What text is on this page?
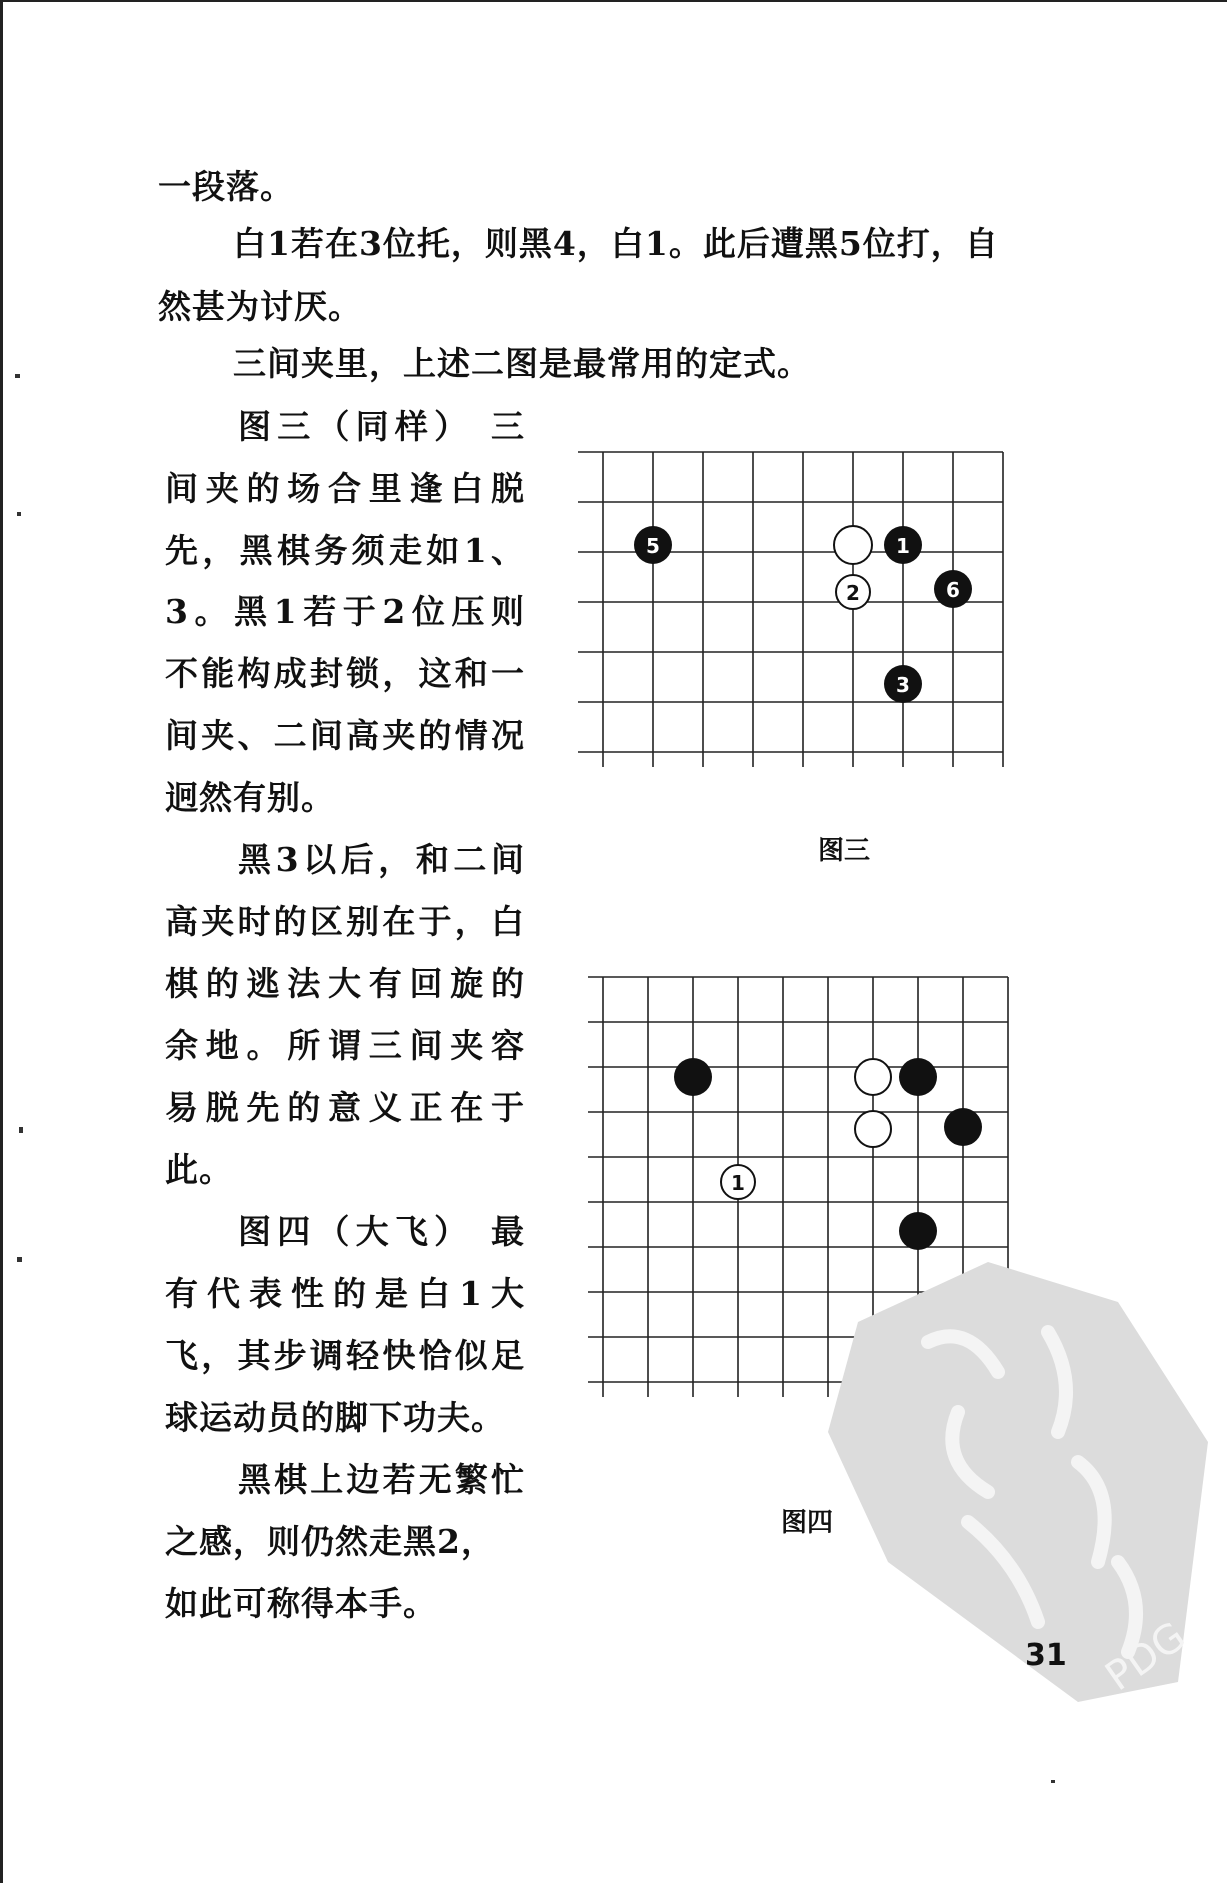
一段落。

白1若在3位托，则黑4，白1。此后遭黑5位打，自

然甚为讨厌。

三间夹里，上述二图是最常用的定式。

图三（同样） 三

间夹的场合里逢白脱

先，黑棋务须走如1、

3。黑1若于2位压则

不能构成封锁，这和一

间夹、二间高夹的情况

迥然有别。

黑3以后，和二间

高夹时的区别在于，白

棋的逃法大有回旋的

余地。所谓三间夹容

易脱先的意义正在于

此。

图四（大飞） 最

有代表性的是白1大

飞，其步调轻快恰似足

球运动员的脚下功夫。

黑棋上边若无繁忙

之感，则仍然走黑2，

如此可称得本手。

5	1
2	6
3
图三
1
图四
PDG
31
